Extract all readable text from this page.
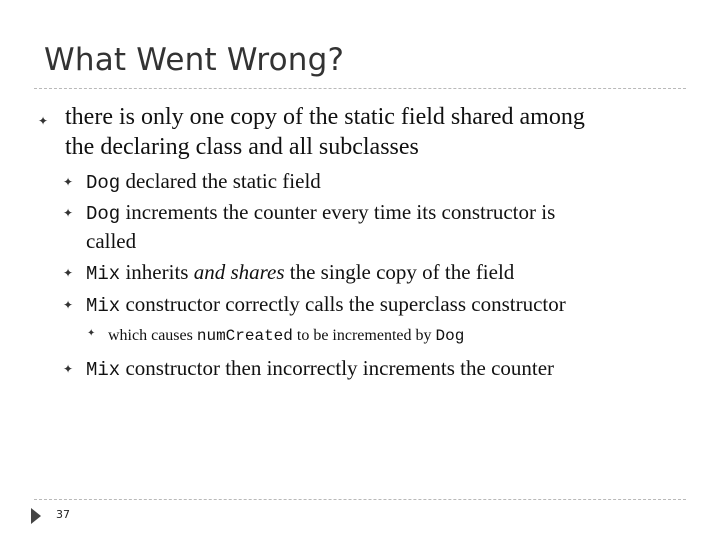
What Went Wrong?
✦ there is only one copy of the static field shared among
the declaring class and all subclasses
✦ Dog declared the static field
✦ Dog increments the counter every time its constructor is
called
✦ Mix inherits and shares the single copy of the field
✦ Mix constructor correctly calls the superclass constructor
✦ which causes numCreated to be incremented by Dog
✦ Mix constructor then incorrectly increments the counter
37
